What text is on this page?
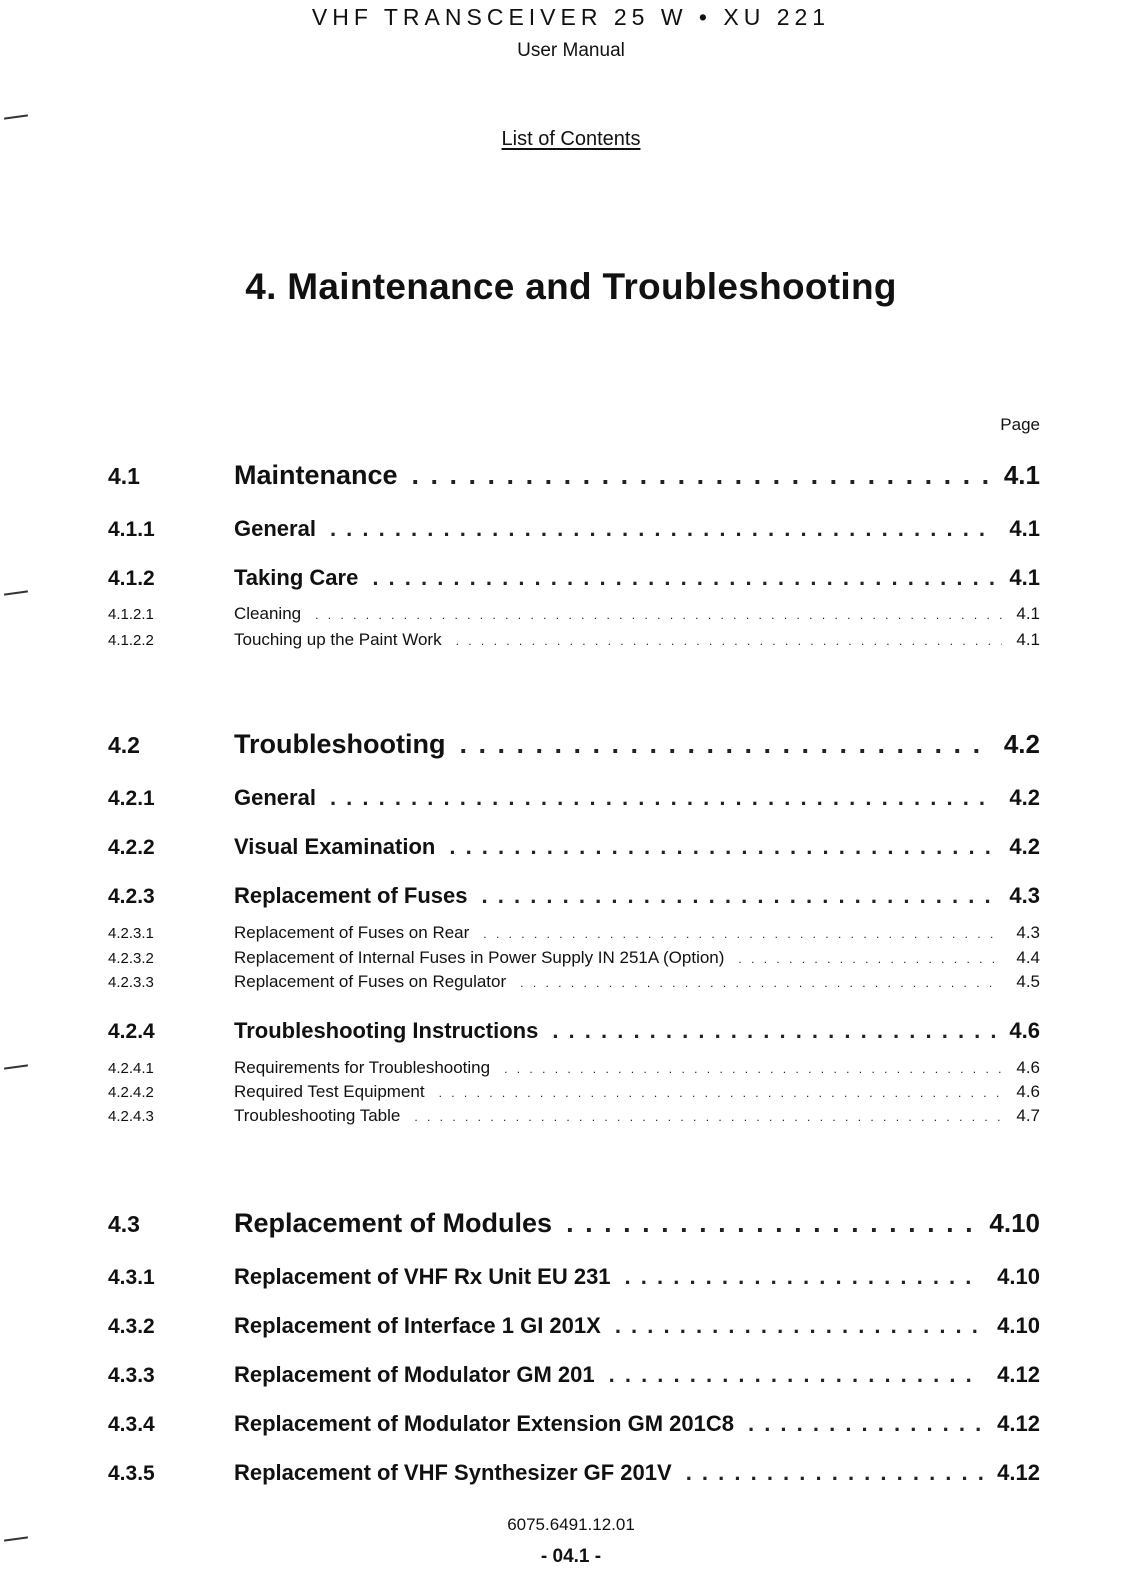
VHF TRANSCEIVER 25 W • XU 221
User Manual
List of Contents
4. Maintenance and Troubleshooting
Page
4.1	Maintenance . . .	4.1
4.1.1	General . . .	4.1
4.1.2	Taking Care . . .	4.1
4.1.2.1	Cleaning . . .	4.1
4.1.2.2	Touching up the Paint Work . . .	4.1
4.2	Troubleshooting . . .	4.2
4.2.1	General . . .	4.2
4.2.2	Visual Examination . . .	4.2
4.2.3	Replacement of Fuses . . .	4.3
4.2.3.1	Replacement of Fuses on Rear . . .	4.3
4.2.3.2	Replacement of Internal Fuses in Power Supply IN 251A (Option) . . .	4.4
4.2.3.3	Replacement of Fuses on Regulator . . .	4.5
4.2.4	Troubleshooting Instructions . . .	4.6
4.2.4.1	Requirements for Troubleshooting . . .	4.6
4.2.4.2	Required Test Equipment . . .	4.6
4.2.4.3	Troubleshooting Table . . .	4.7
4.3	Replacement of Modules . . .	4.10
4.3.1	Replacement of VHF Rx Unit EU 231 . . .	4.10
4.3.2	Replacement of Interface 1 GI 201X . . .	4.10
4.3.3	Replacement of Modulator GM 201 . . .	4.12
4.3.4	Replacement of Modulator Extension GM 201C8 . . .	4.12
4.3.5	Replacement of VHF Synthesizer GF 201V . . .	4.12
6075.6491.12.01
- 04.1 -
